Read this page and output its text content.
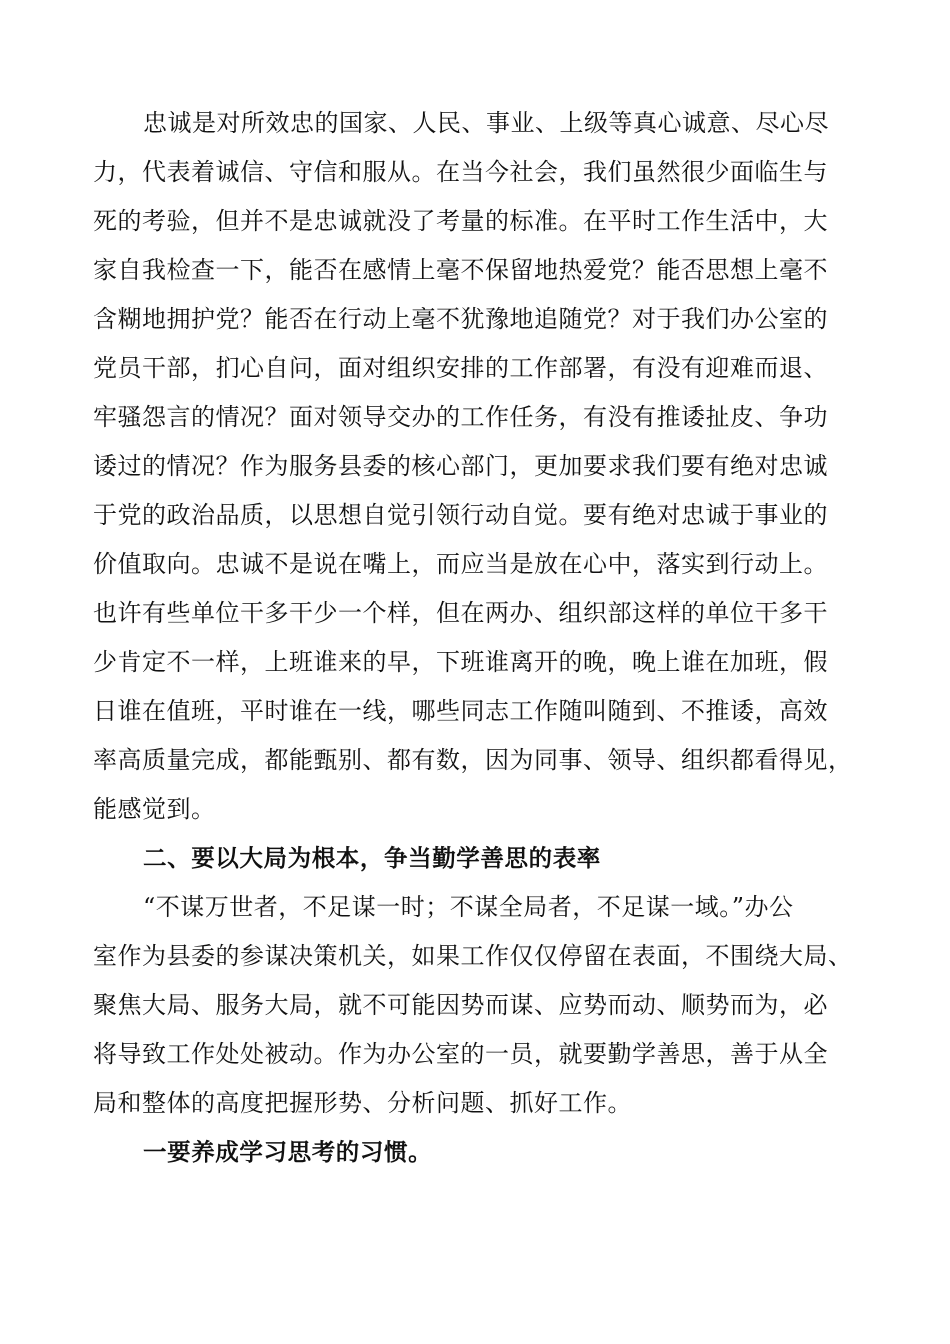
忠诚是对所效忠的国家、人民、事业、上级等真心诚意、尽心尽
力，代表着诚信、守信和服从。在当今社会，我们虽然很少面临生与
死的考验，但并不是忠诚就没了考量的标准。在平时工作生活中，大
家自我检查一下，能否在感情上毫不保留地热爱党？能否思想上毫不
含糊地拥护党？能否在行动上毫不犹豫地追随党？对于我们办公室的
党员干部，扪心自问，面对组织安排的工作部署，有没有迎难而退、
牢骚怨言的情况？面对领导交办的工作任务，有没有推诿扯皮、争功
诿过的情况？作为服务县委的核心部门，更加要求我们要有绝对忠诚
于党的政治品质，以思想自觉引领行动自觉。要有绝对忠诚于事业的
价值取向。忠诚不是说在嘴上，而应当是放在心中，落实到行动上。
也许有些单位干多干少一个样，但在两办、组织部这样的单位干多干
少肯定不一样，上班谁来的早，下班谁离开的晚，晚上谁在加班，假
日谁在值班，平时谁在一线，哪些同志工作随叫随到、不推诿，高效
率高质量完成，都能甄别、都有数，因为同事、领导、组织都看得见，
能感觉到。
二、要以大局为根本，争当勤学善思的表率
“不谋万世者，不足谋一时；不谋全局者，不足谋一域。”办公
室作为县委的参谋决策机关，如果工作仅仅停留在表面，不围绕大局、
聚焦大局、服务大局，就不可能因势而谋、应势而动、顺势而为，必
将导致工作处处被动。作为办公室的一员，就要勤学善思，善于从全
局和整体的高度把握形势、分析问题、抓好工作。
一要养成学习思考的习惯。
